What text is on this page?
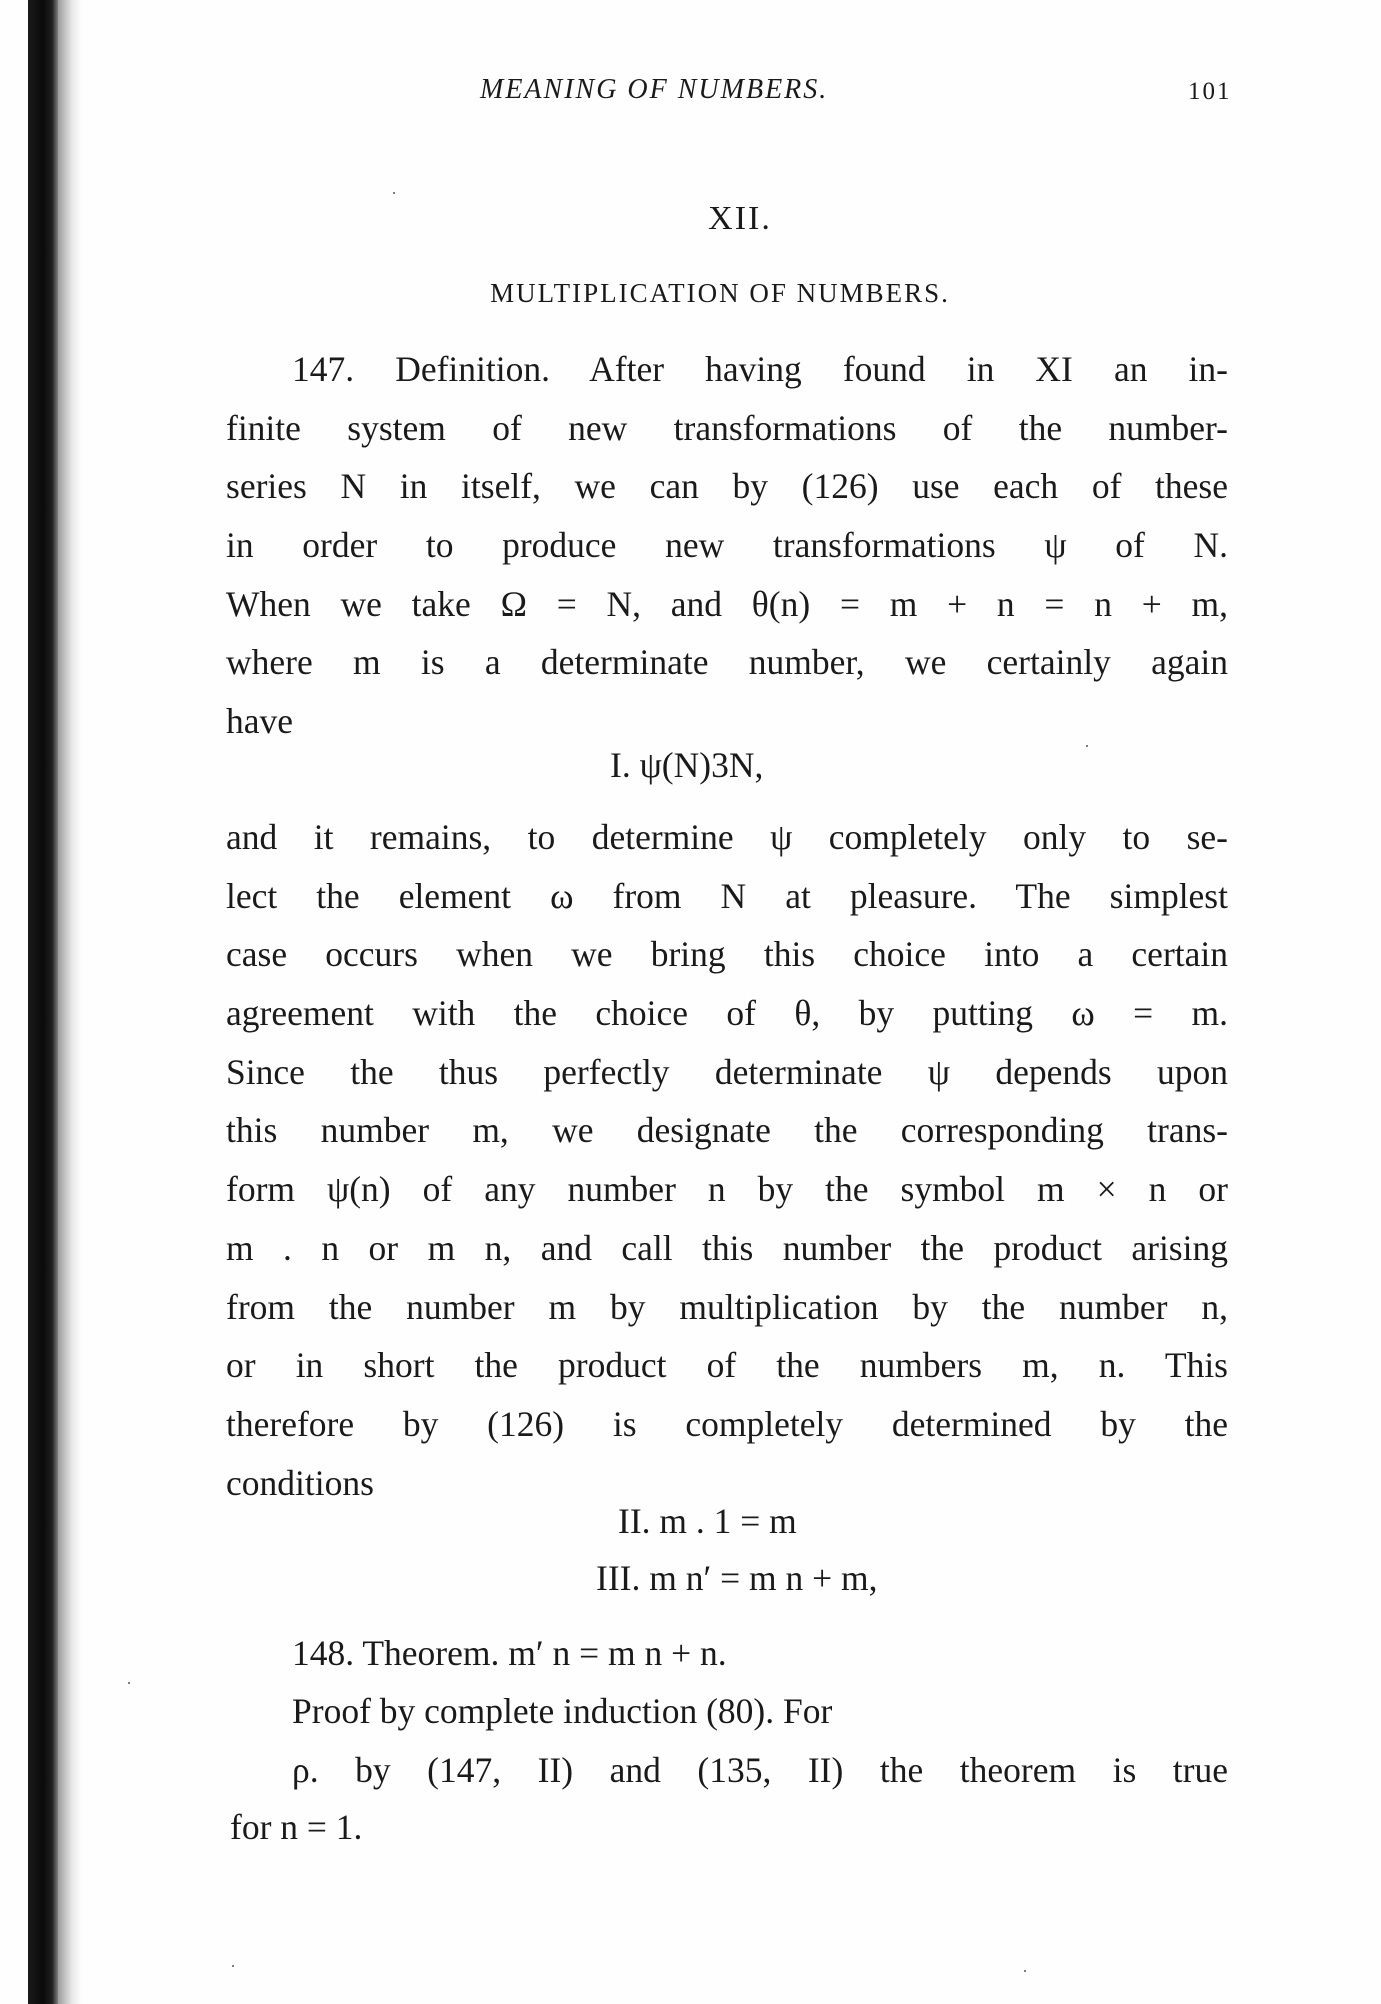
MEANING OF NUMBERS.	101
XII.
MULTIPLICATION OF NUMBERS.
147. Definition. After having found in XI an in-
finite system of new transformations of the number-
series N in itself, we can by (126) use each of these
in order to produce new transformations ψ of N.
When we take Ω = N, and θ(n) = m + n = n + m,
where m is a determinate number, we certainly again
have
I. ψ(N)3N,
and it remains, to determine ψ completely only to se-
lect the element ω from N at pleasure. The simplest
case occurs when we bring this choice into a certain
agreement with the choice of θ, by putting ω = m.
Since the thus perfectly determinate ψ depends upon
this number m, we designate the corresponding trans-
form ψ(n) of any number n by the symbol m × n or
m . n or m n, and call this number the product arising
from the number m by multiplication by the number n,
or in short the product of the numbers m, n. This
therefore by (126) is completely determined by the
conditions
II. m . 1 = m
III. m n′ = m n + m,
148. Theorem. m′ n = m n + n.
Proof by complete induction (80). For
ρ. by (147, II) and (135, II) the theorem is true
for n = 1.
